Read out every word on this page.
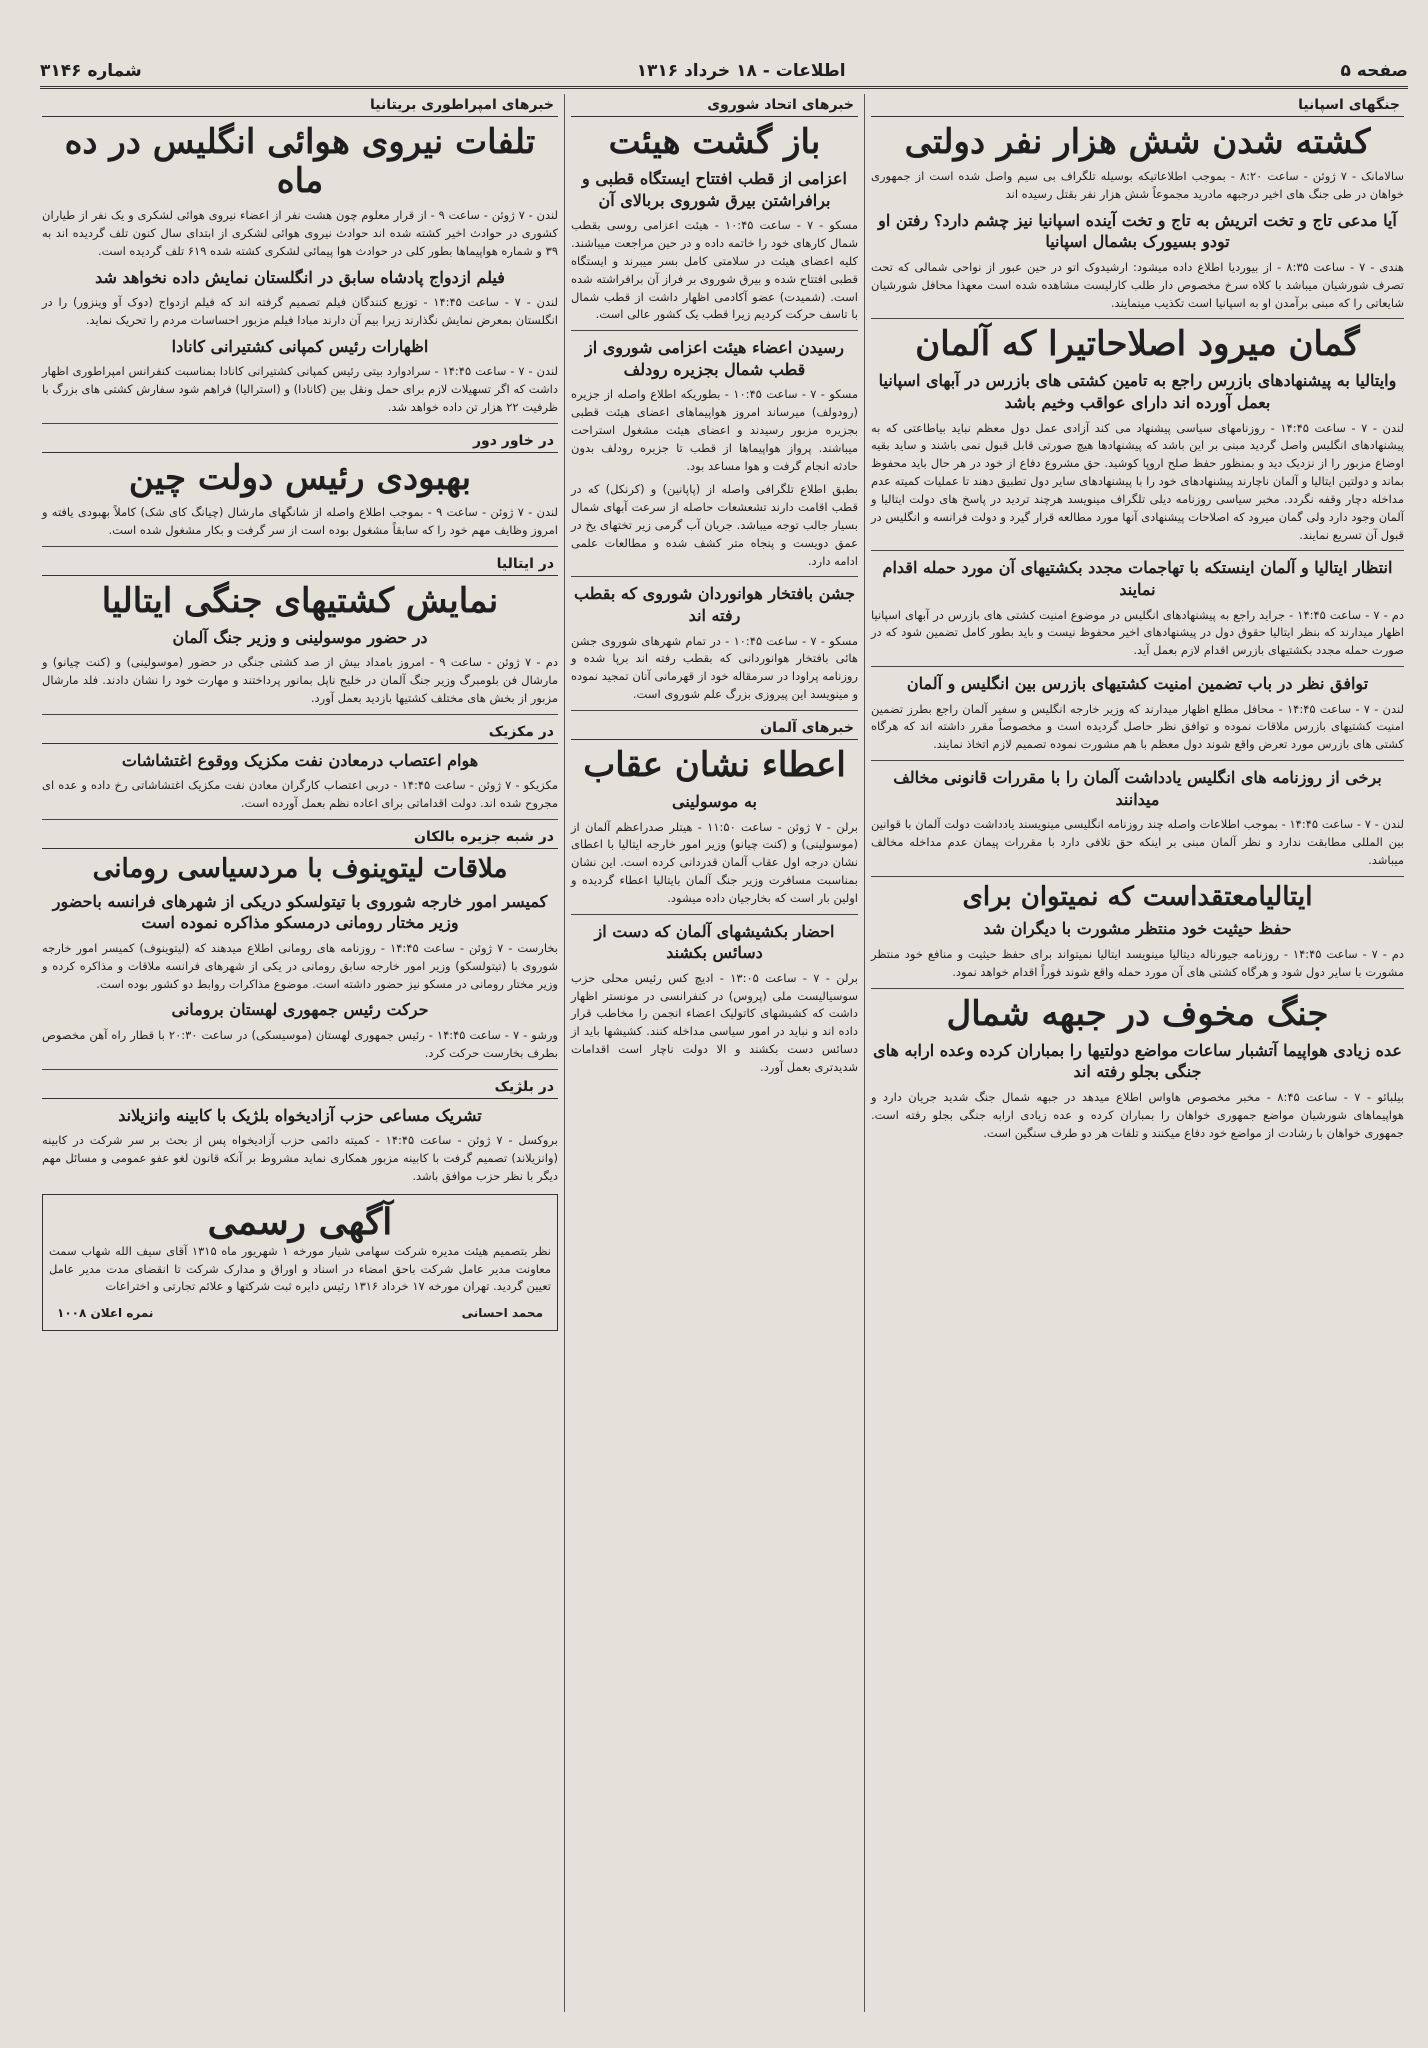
صفحه ۵
اطلاعات - ۱۸ خرداد ۱۳۱۶
شماره ۳۱۴۶
جنگهای اسپانیا
کشته شدن شش هزار نفر دولتی

سالامانک - ۷ ژوئن - ساعت ۸:۲۰ - بموجب اطلاعاتیکه بوسیله تلگراف بی سیم واصل شده است از جمهوری خواهان در طی جنگ های اخیر درجبهه مادرید مجموعاً شش هزار نفر بقتل رسیده اند

آیا مدعی تاج و تخت اتریش به تاج و تخت آینده اسپانیا نیز چشم دارد؟ رفتن او تودو بسیورک بشمال اسپانیا

هندی - ۷ - ساعت ۸:۳۵ - از بیوردیا اطلاع داده میشود: ارشیدوک اتو در حین عبور از نواحی شمالی که تحت تصرف شورشیان میباشد با کلاه سرخ مخصوص دار طلب کارلیست مشاهده شده است معهذا محافل شورشیان شایعاتی را که مبنی برآمدن او به اسپانیا است تکذیب مینمایند.

گمان میرود اصلاحاتیرا که آلمان
وایتالیا به پیشنهادهای بازرس راجع به تامین کشتی های بازرس در آبهای اسپانیا بعمل آورده اند دارای عواقب وخیم باشد

لندن - ۷ - ساعت ۱۴:۴۵ - روزنامهای سیاسی پیشنهاد می کند آزادی عمل دول معظم نباید بیاطاعتی که به پیشنهادهای انگلیس واصل گردید مبنی بر این باشد که پیشنهادها هیچ صورتی قابل قبول نمی باشند و ساید بقیه اوضاع مزبور را از نزدیک دید و بمنظور حفظ صلح اروپا کوشید. حق مشروع دفاع از خود در هر حال باید محفوظ بماند و دولتین ایتالیا و آلمان ناچارند پیشنهادهای خود را با پیشنهادهای سایر دول تطبیق دهند تا عملیات کمیته عدم مداخله دچار وقفه نگردد. مخبر سیاسی روزنامه دیلی تلگراف مینویسد هرچند تردید در پاسخ های دولت ایتالیا و آلمان وجود دارد ولی گمان میرود که اصلاحات پیشنهادی آنها مورد مطالعه قرار گیرد و دولت فرانسه و انگلیس در قبول آن تسریع نمایند.

انتظار ایتالیا و آلمان اینستکه با تهاجمات مجدد بکشتیهای آن مورد حمله اقدام نمایند

دم - ۷ - ساعت ۱۴:۴۵ - جراید راجع به پیشنهادهای انگلیس در موضوع امنیت کشتی های بازرس در آبهای اسپانیا اظهار میدارند که بنظر ایتالیا حقوق دول در پیشنهادهای اخیر محفوظ نیست و باید بطور کامل تضمین شود که در صورت حمله مجدد بکشتیهای بازرس اقدام لازم بعمل آید.

توافق نظر در باب تضمین امنیت کشتیهای بازرس بین انگلیس و آلمان

لندن - ۷ - ساعت ۱۴:۴۵ - محافل مطلع اظهار میدارند که وزیر خارجه انگلیس و سفیر آلمان راجع بطرز تضمین امنیت کشتیهای بازرس ملاقات نموده و توافق نظر حاصل گردیده است و مخصوصاً مقرر داشته اند که هرگاه کشتی های بازرس مورد تعرض واقع شوند دول معظم با هم مشورت نموده تصمیم لازم اتخاذ نمایند.

برخی از روزنامه های انگلیس یادداشت آلمان را با مقررات قانونی مخالف میدانند

لندن - ۷ - ساعت ۱۴:۴۵ - بموجب اطلاعات واصله چند روزنامه انگلیسی مینویسند یادداشت دولت آلمان با قوانین بین المللی مطابقت ندارد و نظر آلمان مبنی بر اینکه حق تلافی دارد با مقررات پیمان عدم مداخله مخالف میباشد.

ایتالیامعتقداست که نمیتوان برای
حفظ حیثیت خود منتظر مشورت با دیگران شد

دم - ۷ - ساعت ۱۴:۴۵ - روزنامه جیورناله دیتالیا مینویسد ایتالیا نمیتواند برای حفظ حیثیت و منافع خود منتظر مشورت با سایر دول شود و هرگاه کشتی های آن مورد حمله واقع شوند فوراً اقدام خواهد نمود.

جنگ مخوف در جبهه شمال
عده زیادی هواپیما آتشبار ساعات مواضع دولتیها را بمباران کرده وعده ارابه های جنگی بجلو رفته اند

بیلبائو - ۷ - ساعت ۸:۴۵ - مخبر مخصوص هاواس اطلاع میدهد در جبهه شمال جنگ شدید جریان دارد و هواپیماهای شورشیان مواضع جمهوری خواهان را بمباران کرده و عده زیادی ارابه جنگی بجلو رفته است. جمهوری خواهان با رشادت از مواضع خود دفاع میکنند و تلفات هر دو طرف سنگین است.

خبرهای اتحاد شوروی
باز گشت هیئت
اعزامی از قطب افتتاح ایستگاه قطبی و برافراشتن بیرق شوروی بربالای آن

مسکو - ۷ - ساعت ۱۰:۴۵ - هیئت اعزامی روسی بقطب شمال کارهای خود را خاتمه داده و در حین مراجعت میباشند. کلیه اعضای هیئت در سلامتی کامل بسر میبرند و ایستگاه قطبی افتتاح شده و بیرق شوروی بر فراز آن برافراشته شده است. (شمیدت) عضو آکادمی اظهار داشت از قطب شمال با تاسف حرکت کردیم زیرا قطب یک کشور عالی است.

رسیدن اعضاء هیئت اعزامی شوروی از قطب شمال بجزیره رودلف

مسکو - ۷ - ساعت ۱۰:۴۵ - بطوریکه اطلاع واصله از جزیره (رودولف) میرساند امروز هواپیماهای اعضای هیئت قطبی بجزیره مزبور رسیدند و اعضای هیئت مشغول استراحت میباشند. پرواز هواپیماها از قطب تا جزیره رودلف بدون حادثه انجام گرفت و هوا مساعد بود.

بطبق اطلاع تلگرافی واصله از (پاپانین) و (کرنکل) که در قطب اقامت دارند تشعشعات حاصله از سرعت آبهای شمال بسیار جالب توجه میباشد. جریان آب گرمی زیر تختهای یخ در عمق دویست و پنجاه متر کشف شده و مطالعات علمی ادامه دارد.

جشن بافتخار هوانوردان شوروی که بقطب رفته اند

مسکو - ۷ - ساعت ۱۰:۴۵ - در تمام شهرهای شوروی جشن هائی بافتخار هوانوردانی که بقطب رفته اند برپا شده و روزنامه پراودا در سرمقاله خود از قهرمانی آنان تمجید نموده و مینویسد این پیروزی بزرگ علم شوروی است.

خبرهای آلمان
اعطاء نشان عقاب
به موسولینی

برلن - ۷ ژوئن - ساعت ۱۱:۵۰ - هیتلر صدراعظم آلمان از (موسولینی) و (کنت چیانو) وزیر امور خارجه ایتالیا با اعطای نشان درجه اول عقاب آلمان قدردانی کرده است. این نشان بمناسبت مسافرت وزیر جنگ آلمان بایتالیا اعطاء گردیده و اولین بار است که بخارجیان داده میشود.

احضار بکشیشهای آلمان که دست از دسائس بکشند

برلن - ۷ - ساعت ۱۳:۰۵ - ادیچ کس رئیس محلی حزب سوسیالیست ملی (پروس) در کنفرانسی در مونستر اظهار داشت که کشیشهای کاتولیک اعضاء انجمن را مخاطب قرار داده اند و نباید در امور سیاسی مداخله کنند. کشیشها باید از دسائس دست بکشند و الا دولت ناچار است اقدامات شدیدتری بعمل آورد.

خبرهای امپراطوری بریتانیا
تلفات نیروی هوائی انگلیس در ده ماه

لندن - ۷ ژوئن - ساعت ۹ - از قرار معلوم چون هشت نفر از اعضاء نیروی هوائی لشکری و یک نفر از طیاران کشوری در حوادث اخیر کشته شده اند حوادث نیروی هوائی لشکری از ابتدای سال کنون تلف گردیده اند به ۳۹ و شماره هواپیماها بطور کلی در حوادث هوا پیمائی لشکری کشته شده ۶۱۹ تلف گردیده است.

فیلم ازدواج پادشاه سابق در انگلستان نمایش داده نخواهد شد

لندن - ۷ - ساعت ۱۴:۴۵ - توزیع کنندگان فیلم تصمیم گرفته اند که فیلم ازدواج (دوک آو وینزور) را در انگلستان بمعرض نمایش نگذارند زیرا بیم آن دارند مبادا فیلم مزبور احساسات مردم را تحریک نماید.

اظهارات رئیس کمپانی کشتیرانی کانادا

لندن - ۷ - ساعت ۱۴:۴۵ - سرادوارد بیتی رئیس کمپانی کشتیرانی کانادا بمناسبت کنفرانس امپراطوری اظهار داشت که اگر تسهیلات لازم برای حمل ونقل بین (کانادا) و (استرالیا) فراهم شود سفارش کشتی های بزرگ با ظرفیت ۲۲ هزار تن داده خواهد شد.

در خاور دور
بهبودی رئیس دولت چین

لندن - ۷ ژوئن - ساعت ۹ - بموجب اطلاع واصله از شانگهای مارشال (چیانگ کای شک) کاملاً بهبودی یافته و امروز وظایف مهم خود را که سابقاً مشغول بوده است از سر گرفت و بکار مشغول شده است.

در ایتالیا
نمایش کشتیهای جنگی ایتالیا
در حضور موسولینی و وزیر جنگ آلمان

دم - ۷ ژوئن - ساعت ۹ - امروز بامداد بیش از صد کشتی جنگی در حضور (موسولینی) و (کنت چیانو) و مارشال فن بلومبرگ وزیر جنگ آلمان در خلیج ناپل بمانور پرداختند و مهارت خود را نشان دادند. فلد مارشال مزبور از بخش های مختلف کشتیها بازدید بعمل آورد.

در مکزیک
هوام اعتصاب درمعادن نفت مکزیک ووقوع اغتشاشات

مکزیکو - ۷ ژوئن - ساعت ۱۴:۴۵ - دربی اعتصاب کارگران معادن نفت مکزیک اغتشاشاتی رخ داده و عده ای مجروح شده اند. دولت اقداماتی برای اعاده نظم بعمل آورده است.

در شبه جزیره بالکان
ملاقات لیتوینوف با مردسیاسی رومانی
کمیسر امور خارجه شوروی با تیتولسکو دریکی از شهرهای فرانسه باحضور وزیر مختار رومانی درمسکو مذاکره نموده است

بخارست - ۷ ژوئن - ساعت ۱۴:۴۵ - روزنامه های رومانی اطلاع میدهند که (لیتوینوف) کمیسر امور خارجه شوروی با (تیتولسکو) وزیر امور خارجه سابق رومانی در یکی از شهرهای فرانسه ملاقات و مذاکره کرده و وزیر مختار رومانی در مسکو نیز حضور داشته است. موضوع مذاکرات روابط دو کشور بوده است.

حرکت رئیس جمهوری لهستان برومانی

ورشو - ۷ - ساعت ۱۴:۴۵ - رئیس جمهوری لهستان (موسیسکی) در ساعت ۲۰:۳۰ با قطار راه آهن مخصوص بطرف بخارست حرکت کرد.

در بلژیک
تشریک مساعی حزب آزادیخواه بلژیک با کابینه وانزیلاند

بروکسل - ۷ ژوئن - ساعت ۱۴:۴۵ - کمیته دائمی حزب آزادیخواه پس از بحث بر سر شرکت در کابینه (وانزیلاند) تصمیم گرفت با کابینه مزبور همکاری نماید مشروط بر آنکه قانون لغو عفو عمومی و مسائل مهم دیگر با نظر حزب موافق باشد.

آگهی رسمی

نظر بتصمیم هیئت مدیره شرکت سهامی شیار مورخه ۱ شهریور ماه ۱۳۱۵ آقای سیف الله شهاب سمت معاونت مدیر عامل شرکت باحق امضاء در اسناد و اوراق و مدارک شرکت تا انقضای مدت مدیر عامل تعیین گردید. تهران مورخه ۱۷ خرداد ۱۳۱۶ رئیس دایره ثبت شرکتها و علائم تجارتی و اختراعات

محمد احسانی
نمره اعلان ۱۰۰۸
